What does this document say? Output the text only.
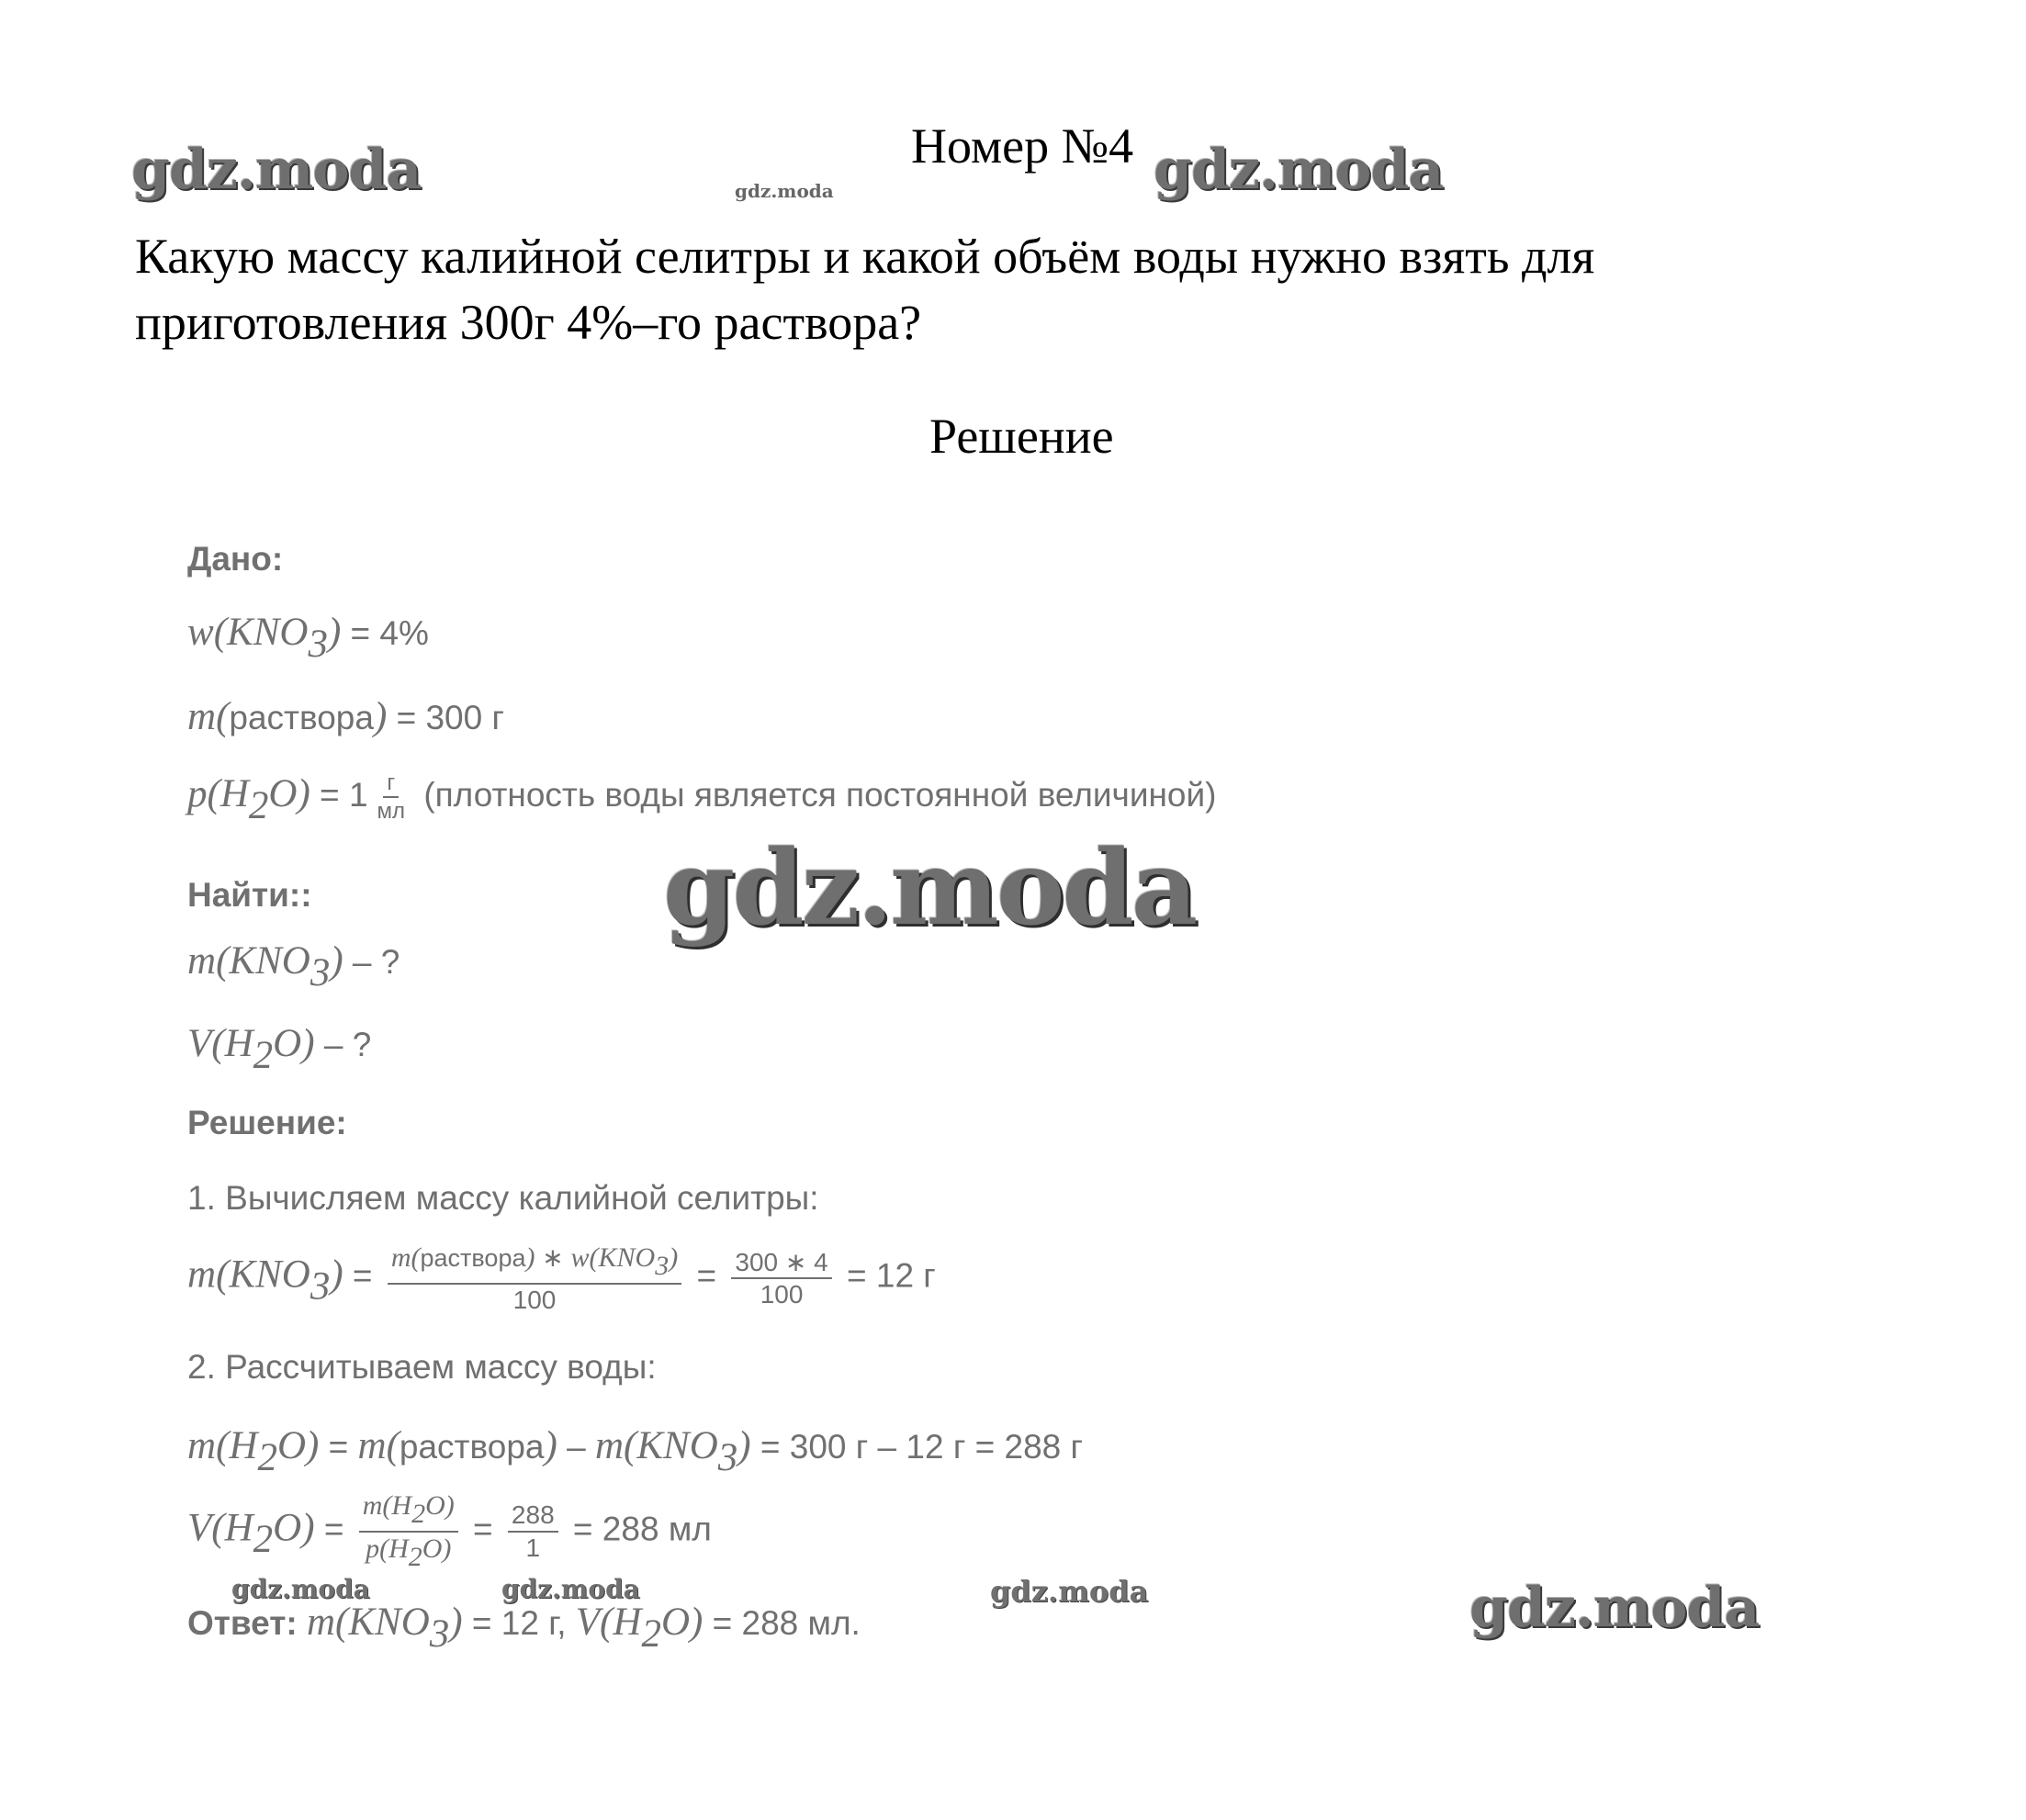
Номер №4
Какую массу калийной селитры и какой объём воды нужно взять для
приготовления 300г 4%–го раствора?
Решение
Дано:
$w(KNO_3) = 4\%$
m(раствора) = 300 г
$p(H_2O) = 1 \frac{г}{мл}$ (плотность воды является постоянной величиной)
Найти::
$m(KNO_3)$ – ?
$V(H_2O)$ – ?
Решение:
1. Вычисляем массу калийной селитры:
$m(KNO_3) = \frac{m(раствора) ∗ w(KNO_3)}{100} = \frac{300 ∗ 4}{100} = 12$ г
2. Рассчитываем массу воды:
$m(H_2O)$ = m(раствора) – $m(KNO_3) = 300$ г – 12 г = 288 г
$V(H_2O) = \frac{m(H_2O)}{p(H_2O)} = \frac{288}{1} = 288$ мл
Ответ: $m(KNO_3) = 12$ г, $V(H_2O) = 288$ мл.
gdz.moda	gdz.moda	gdz.moda
gdz.moda
gdz.moda	gdz.moda	gdz.moda	gdz.moda
